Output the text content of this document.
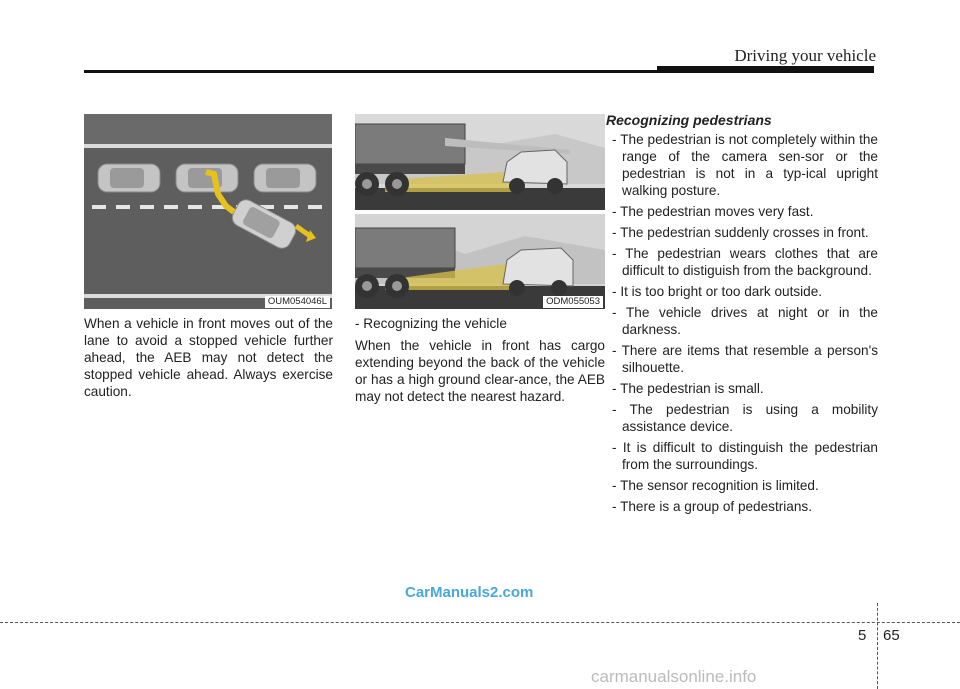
Driving your vehicle
OUM054046L	ODM055053

When a vehicle in front moves out of the lane to avoid a stopped vehicle further ahead, the AEB may not detect the stopped vehicle ahead. Always exercise caution.

- Recognizing the vehicle

When the vehicle in front has cargo extending beyond the back of the vehicle or has a high ground clear-ance, the AEB may not detect the nearest hazard.

Recognizing pedestrians
- The pedestrian is not completely within the range of the camera sen-sor or the pedestrian is not in a typ-ical upright walking posture.
- The pedestrian moves very fast.
- The pedestrian suddenly crosses in front.
- The pedestrian wears clothes that are difficult to distiguish from the background.
- It is too bright or too dark outside.
- The vehicle drives at night or in the darkness.
- There are items that resemble a person's silhouette.
- The pedestrian is small.
- The pedestrian is using a mobility assistance device.
- It is difficult to distinguish the pedestrian from the surroundings.
- The sensor recognition is limited.
- There is a group of pedestrians.
CarManuals2.com
5 65
carmanualsonline.info
